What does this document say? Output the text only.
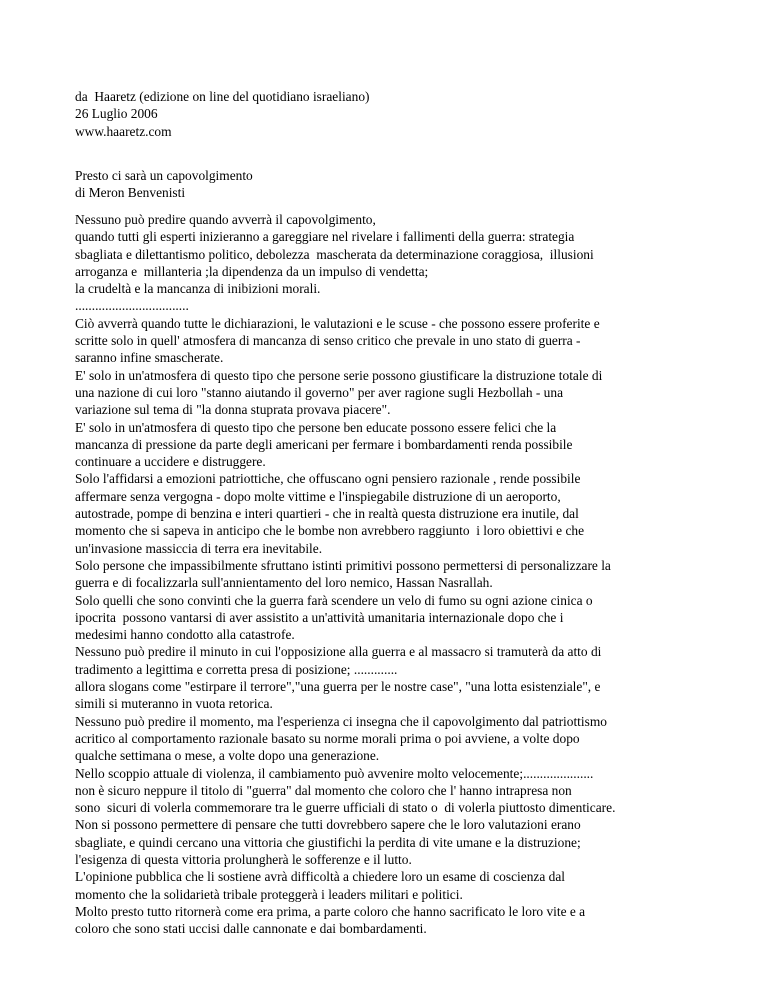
da  Haaretz (edizione on line del quotidiano israeliano)
26 Luglio 2006
www.haaretz.com
Presto ci sarà un capovolgimento
di Meron Benvenisti
Nessuno può predire quando avverrà il capovolgimento,
quando tutti gli esperti inizieranno a gareggiare nel rivelare i fallimenti della guerra: strategia
sbagliata e dilettantismo politico, debolezza  mascherata da determinazione coraggiosa,  illusioni
arroganza e  millanteria ;la dipendenza da un impulso di vendetta;
la crudeltà e la mancanza di inibizioni morali.
..................................
Ciò avverrà quando tutte le dichiarazioni, le valutazioni e le scuse - che possono essere proferite e
scritte solo in quell' atmosfera di mancanza di senso critico che prevale in uno stato di guerra -
saranno infine smascherate.
E' solo in un'atmosfera di questo tipo che persone serie possono giustificare la distruzione totale di
una nazione di cui loro "stanno aiutando il governo" per aver ragione sugli Hezbollah - una
variazione sul tema di "la donna stuprata provava piacere".
E' solo in un'atmosfera di questo tipo che persone ben educate possono essere felici che la
mancanza di pressione da parte degli americani per fermare i bombardamenti renda possibile
continuare a uccidere e distruggere.
Solo l'affidarsi a emozioni patriottiche, che offuscano ogni pensiero razionale , rende possibile
affermare senza vergogna - dopo molte vittime e l'inspiegabile distruzione di un aeroporto,
autostrade, pompe di benzina e interi quartieri - che in realtà questa distruzione era inutile, dal
momento che si sapeva in anticipo che le bombe non avrebbero raggiunto  i loro obiettivi e che
un'invasione massiccia di terra era inevitabile.
Solo persone che impassibilmente sfruttano istinti primitivi possono permettersi di personalizzare la
guerra e di focalizzarla sull'annientamento del loro nemico, Hassan Nasrallah.
Solo quelli che sono convinti che la guerra farà scendere un velo di fumo su ogni azione cinica o
ipocrita  possono vantarsi di aver assistito a un'attività umanitaria internazionale dopo che i
medesimi hanno condotto alla catastrofe.
Nessuno può predire il minuto in cui l'opposizione alla guerra e al massacro si tramuterà da atto di
tradimento a legittima e corretta presa di posizione; .............
allora slogans come "estirpare il terrore","una guerra per le nostre case", "una lotta esistenziale", e
simili si muteranno in vuota retorica.
Nessuno può predire il momento, ma l'esperienza ci insegna che il capovolgimento dal patriottismo
acritico al comportamento razionale basato su norme morali prima o poi avviene, a volte dopo
qualche settimana o mese, a volte dopo una generazione.
Nello scoppio attuale di violenza, il cambiamento può avvenire molto velocemente;.....................
non è sicuro neppure il titolo di "guerra" dal momento che coloro che l' hanno intrapresa non
sono  sicuri di volerla commemorare tra le guerre ufficiali di stato o  di volerla piuttosto dimenticare.
Non si possono permettere di pensare che tutti dovrebbero sapere che le loro valutazioni erano
sbagliate, e quindi cercano una vittoria che giustifichi la perdita di vite umane e la distruzione;
l'esigenza di questa vittoria prolungherà le sofferenze e il lutto.
L'opinione pubblica che li sostiene avrà difficoltà a chiedere loro un esame di coscienza dal
momento che la solidarietà tribale proteggerà i leaders militari e politici.
Molto presto tutto ritornerà come era prima, a parte coloro che hanno sacrificato le loro vite e a
coloro che sono stati uccisi dalle cannonate e dai bombardamenti.
